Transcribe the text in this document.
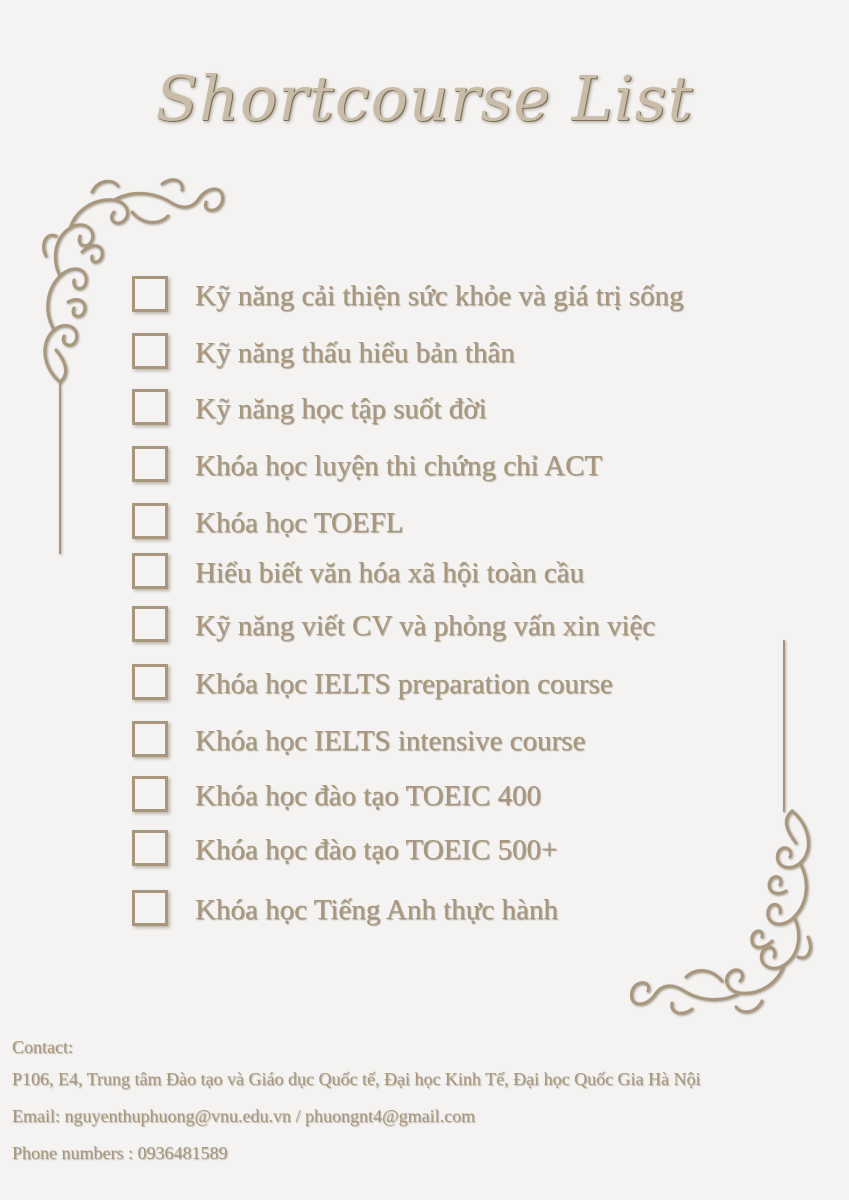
Shortcourse List
Kỹ năng cải thiện sức khỏe và giá trị sống
Kỹ năng thấu hiểu bản thân
Kỹ năng học tập suốt đời
Khóa học luyện thi chứng chỉ ACT
Khóa học TOEFL
Hiểu biết văn hóa xã hội toàn cầu
Kỹ năng viết CV và phỏng vấn xin việc
Khóa học IELTS preparation course
Khóa học IELTS intensive course
Khóa học đào tạo TOEIC 400
Khóa học đào tạo TOEIC 500+
Khóa học Tiếng Anh thực hành
Contact:
P106, E4, Trung tâm Đào tạo và Giáo dục Quốc tế, Đại học Kinh Tế, Đại học Quốc Gia Hà Nội
Email: nguyenthuphuong@vnu.edu.vn / phuongnt4@gmail.com
Phone numbers : 0936481589
